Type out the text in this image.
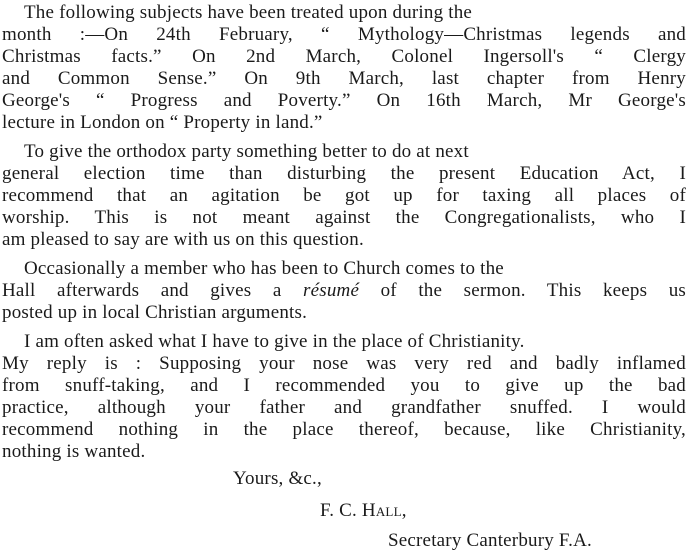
The following subjects have been treated upon during the
month :—On 24th February, “ Mythology—Christmas legends and
Christmas facts.” On 2nd March, Colonel Ingersoll's “ Clergy
and Common Sense.” On 9th March, last chapter from Henry
George's “ Progress and Poverty.” On 16th March, Mr George's
lecture in London on “ Property in land.”
To give the orthodox party something better to do at next
general election time than disturbing the present Education Act, I
recommend that an agitation be got up for taxing all places of
worship. This is not meant against the Congregationalists, who I
am pleased to say are with us on this question.
Occasionally a member who has been to Church comes to the
Hall afterwards and gives a résumé of the sermon. This keeps us
posted up in local Christian arguments.
I am often asked what I have to give in the place of Christianity.
My reply is : Supposing your nose was very red and badly inflamed
from snuff-taking, and I recommended you to give up the bad
practice, although your father and grandfather snuffed. I would
recommend nothing in the place thereof, because, like Christianity,
nothing is wanted.
Yours, &c.,
F. C. Hall,
Secretary Canterbury F.A.
